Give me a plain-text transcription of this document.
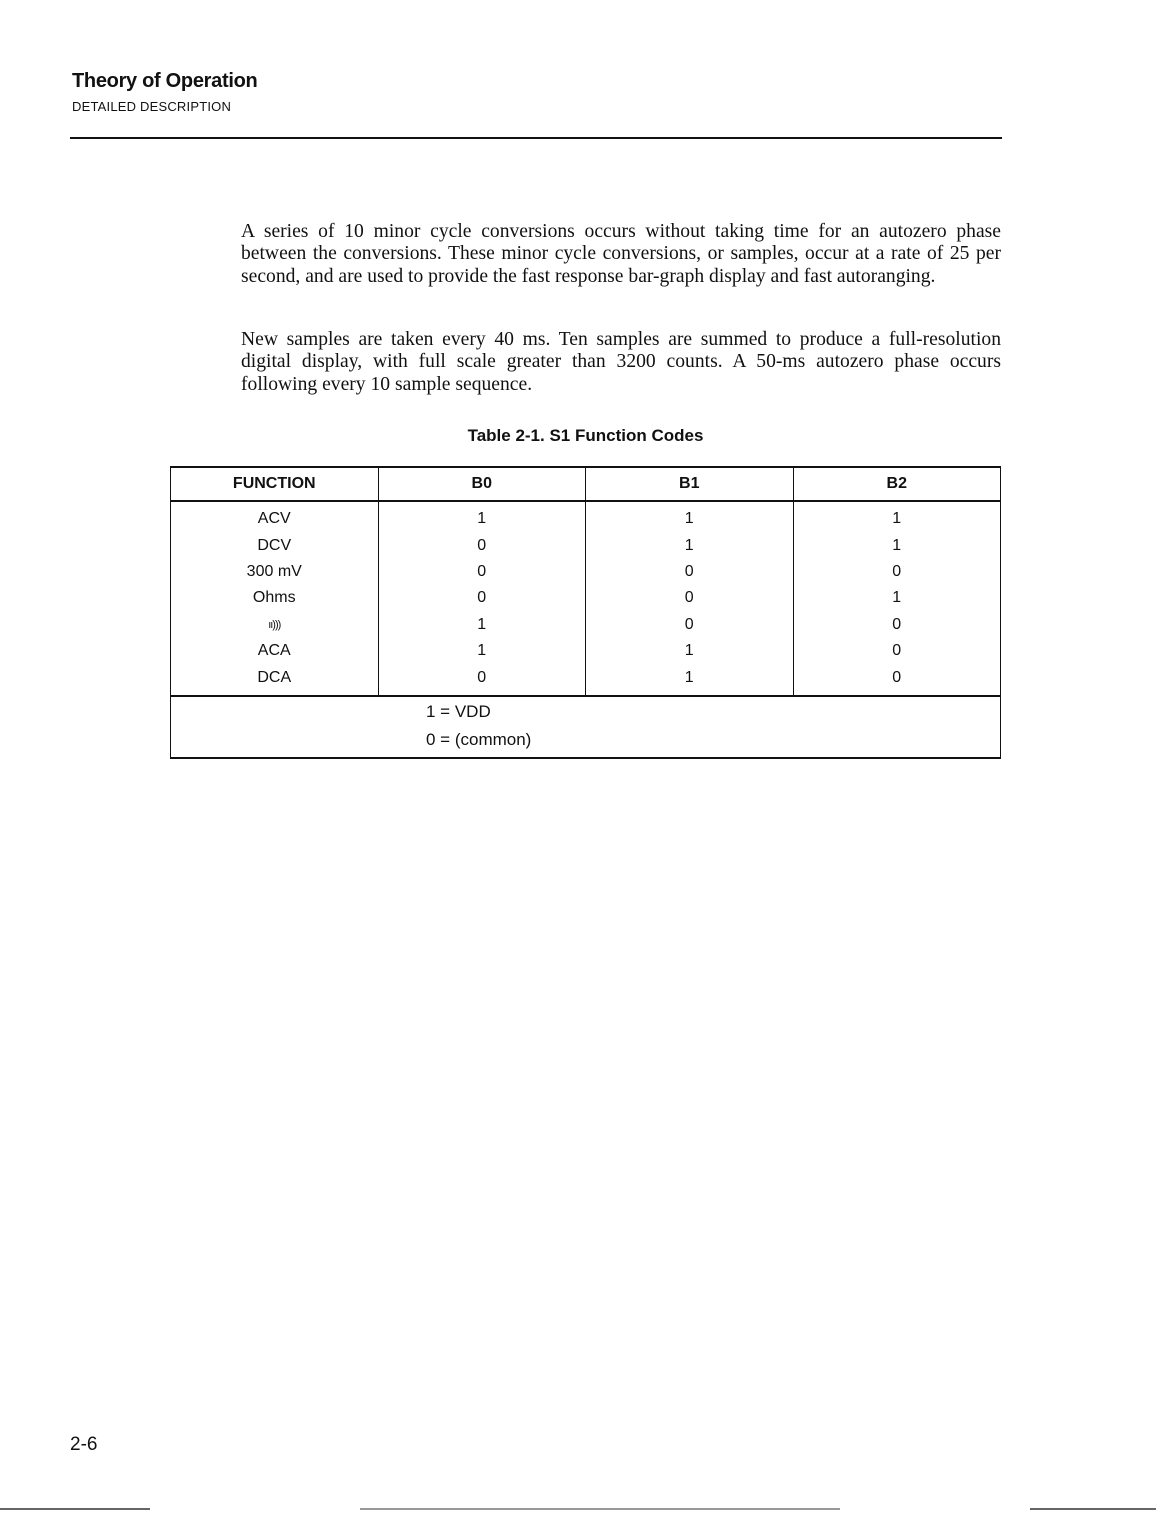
Theory of Operation
DETAILED DESCRIPTION

A series of 10 minor cycle conversions occurs without taking time for an autozero phase between the conversions. These minor cycle conversions, or samples, occur at a rate of 25 per second, and are used to provide the fast response bar-graph display and fast autoranging.

New samples are taken every 40 ms. Ten samples are summed to produce a full-resolution digital display, with full scale greater than 3200 counts. A 50-ms autozero phase occurs following every 10 sample sequence.

Table 2-1. S1 Function Codes
FUNCTION	B0	B1	B2
ACV	1	1	1
DCV	0	1	1
300 mV	0	0	0
Ohms	0	0	1
ıı)))	1	0	0
ACA	1	1	0
DCA	0	1	0

1 = VDD
0 = (common)			
2-6
